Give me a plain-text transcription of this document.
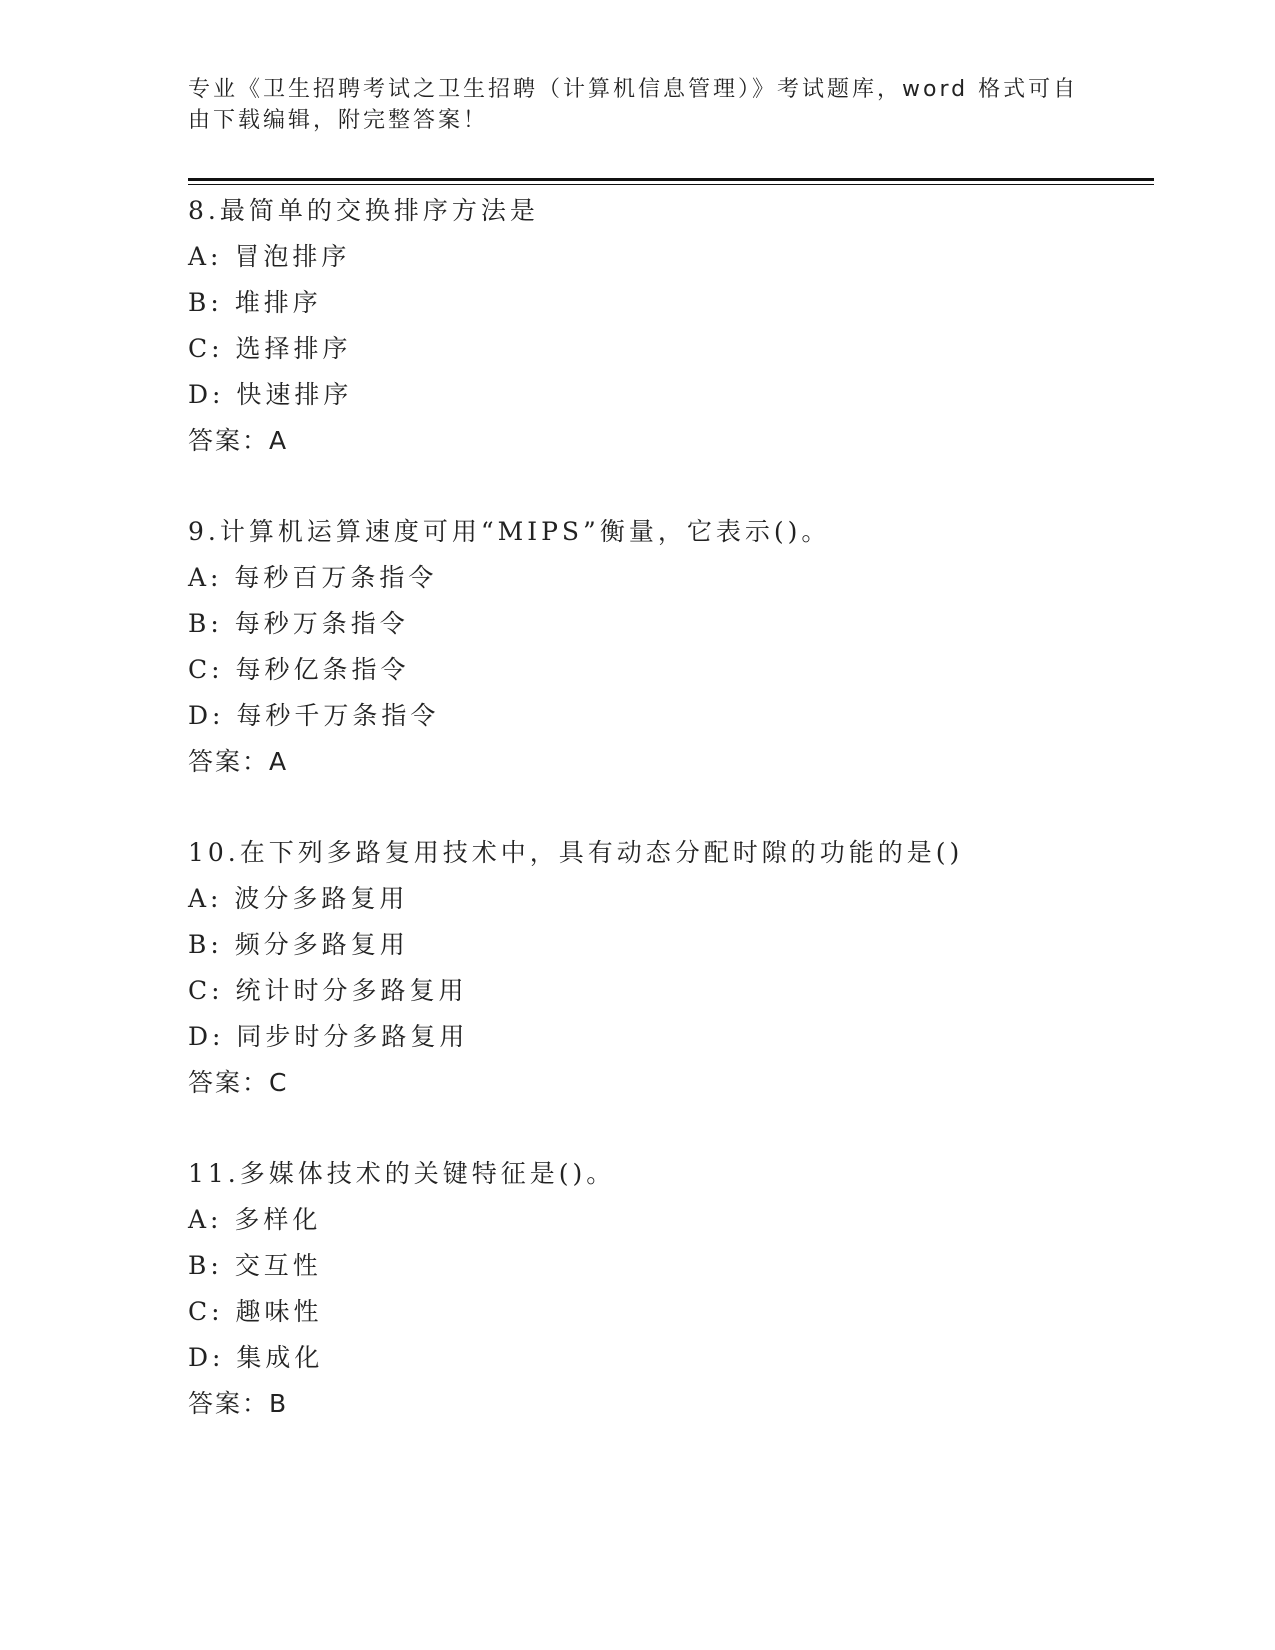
专业《卫生招聘考试之卫生招聘（计算机信息管理）》考试题库，word 格式可自
由下载编辑，附完整答案！
8.最简单的交换排序方法是
A: 冒泡排序
B: 堆排序
C: 选择排序
D: 快速排序
答案：A
9.计算机运算速度可用“MIPS”衡量，它表示()。
A: 每秒百万条指令
B: 每秒万条指令
C: 每秒亿条指令
D: 每秒千万条指令
答案：A
10.在下列多路复用技术中，具有动态分配时隙的功能的是()
A: 波分多路复用
B: 频分多路复用
C: 统计时分多路复用
D: 同步时分多路复用
答案：C
11.多媒体技术的关键特征是()。
A: 多样化
B: 交互性
C: 趣味性
D: 集成化
答案：B
